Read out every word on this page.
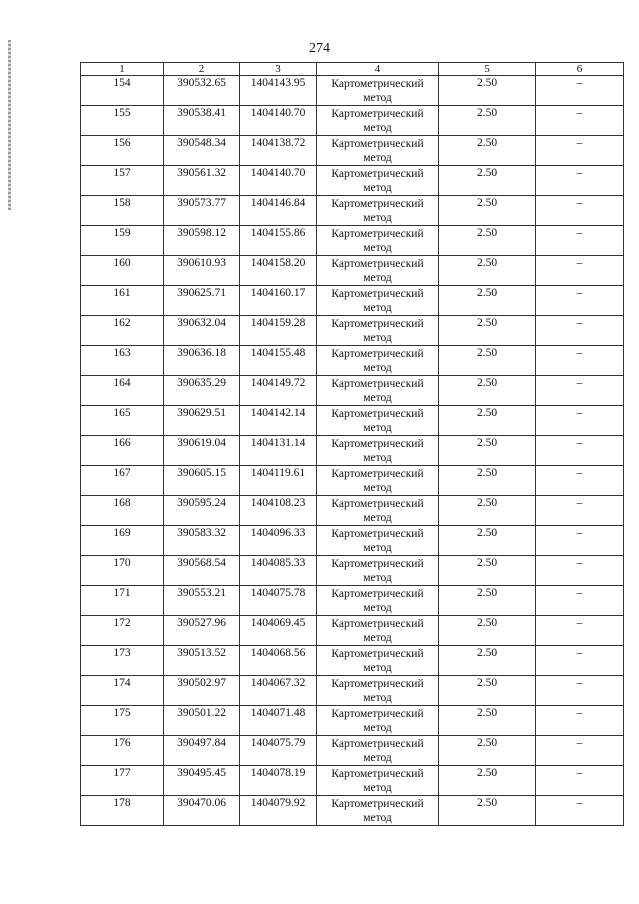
274
1	2	3	4	5	6

154	390532.65	1404143.95	Картометрический метод	2.50	–

155	390538.41	1404140.70	Картометрический метод	2.50	–

156	390548.34	1404138.72	Картометрический метод	2.50	–

157	390561.32	1404140.70	Картометрический метод	2.50	–

158	390573.77	1404146.84	Картометрический метод	2.50	–

159	390598.12	1404155.86	Картометрический метод	2.50	–

160	390610.93	1404158.20	Картометрический метод	2.50	–

161	390625.71	1404160.17	Картометрический метод	2.50	–

162	390632.04	1404159.28	Картометрический метод	2.50	–

163	390636.18	1404155.48	Картометрический метод	2.50	–

164	390635.29	1404149.72	Картометрический метод	2.50	–

165	390629.51	1404142.14	Картометрический метод	2.50	–

166	390619.04	1404131.14	Картометрический метод	2.50	–

167	390605.15	1404119.61	Картометрический метод	2.50	–

168	390595.24	1404108.23	Картометрический метод	2.50	–

169	390583.32	1404096.33	Картометрический метод	2.50	–

170	390568.54	1404085.33	Картометрический метод	2.50	–

171	390553.21	1404075.78	Картометрический метод	2.50	–

172	390527.96	1404069.45	Картометрический метод	2.50	–

173	390513.52	1404068.56	Картометрический метод	2.50	–

174	390502.97	1404067.32	Картометрический метод	2.50	–

175	390501.22	1404071.48	Картометрический метод	2.50	–

176	390497.84	1404075.79	Картометрический метод	2.50	–

177	390495.45	1404078.19	Картометрический метод	2.50	–

178	390470.06	1404079.92	Картометрический метод	2.50	–
